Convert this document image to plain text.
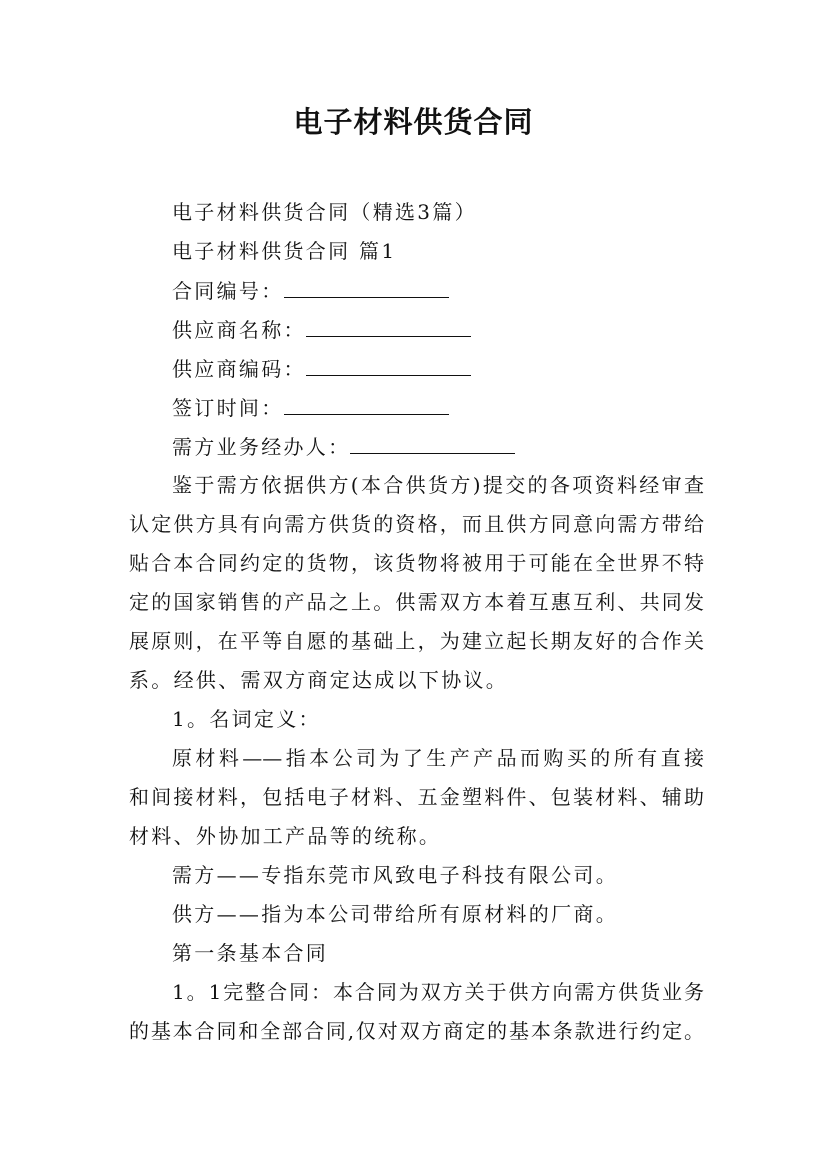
电子材料供货合同
电子材料供货合同（精选3篇）
电子材料供货合同 篇1
合同编号：
供应商名称：
供应商编码：
签订时间：
需方业务经办人：
鉴于需方依据供方(本合供货方)提交的各项资料经审查
认定供方具有向需方供货的资格，而且供方同意向需方带给
贴合本合同约定的货物，该货物将被用于可能在全世界不特
定的国家销售的产品之上。供需双方本着互惠互利、共同发
展原则，在平等自愿的基础上，为建立起长期友好的合作关
系。经供、需双方商定达成以下协议。
1。名词定义：
原材料——指本公司为了生产产品而购买的所有直接
和间接材料，包括电子材料、五金塑料件、包装材料、辅助
材料、外协加工产品等的统称。
需方——专指东莞市风致电子科技有限公司。
供方——指为本公司带给所有原材料的厂商。
第一条基本合同
1。1完整合同：本合同为双方关于供方向需方供货业务
的基本合同和全部合同,仅对双方商定的基本条款进行约定。
